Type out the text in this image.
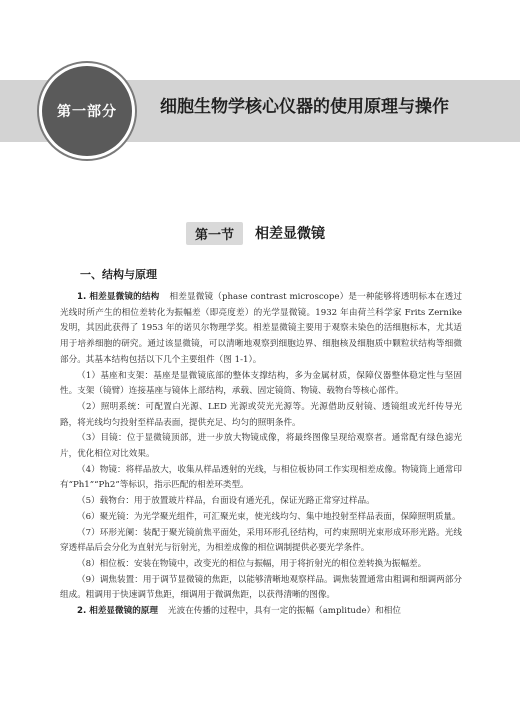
第一部分	细胞生物学核心仪器的使用原理与操作
第一节	相差显微镜
一、结构与原理

1. 相差显微镜的结构 相差显微镜（phase contrast microscope）是一种能够将透明标本在透过光线时所产生的相位差转化为振幅差（即亮度差）的光学显微镜。1932 年由荷兰科学家 Frits Zernike 发明，其因此获得了 1953 年的诺贝尔物理学奖。相差显微镜主要用于观察未染色的活细胞标本，尤其适用于培养细胞的研究。通过该显微镜，可以清晰地观察到细胞边界、细胞核及细胞质中颗粒状结构等细微部分。其基本结构包括以下几个主要组件（图 1-1）。

（1）基座和支架：基座是显微镜底部的整体支撑结构，多为金属材质，保障仪器整体稳定性与坚固性。支架（镜臂）连接基座与镜体上部结构，承载、固定镜筒、物镜、载物台等核心部件。

（2）照明系统：可配置白光源、LED 光源或荧光光源等。光源借助反射镜、透镜组或光纤传导光路，将光线均匀投射至样品表面，提供充足、均匀的照明条件。

（3）目镜：位于显微镜顶部，进一步放大物镜成像，将最终图像呈现给观察者。通常配有绿色滤光片，优化相位对比效果。

（4）物镜：将样品放大，收集从样品透射的光线，与相位板协同工作实现相差成像。物镜筒上通常印有“Ph1”“Ph2”等标识，指示匹配的相差环类型。

（5）载物台：用于放置玻片样品，台面设有通光孔，保证光路正常穿过样品。

（6）聚光镜：为光学聚光组件，可汇聚光束，使光线均匀、集中地投射至样品表面，保障照明质量。

（7）环形光阑：装配于聚光镜前焦平面处，采用环形孔径结构，可约束照明光束形成环形光路。光线穿透样品后会分化为直射光与衍射光，为相差成像的相位调制提供必要光学条件。

（8）相位板：安装在物镜中，改变光的相位与振幅，用于将折射光的相位差转换为振幅差。

（9）调焦装置：用于调节显微镜的焦距，以能够清晰地观察样品。调焦装置通常由粗调和细调两部分组成。粗调用于快速调节焦距，细调用于微调焦距，以获得清晰的图像。

2. 相差显微镜的原理 光波在传播的过程中，具有一定的振幅（amplitude）和相位
